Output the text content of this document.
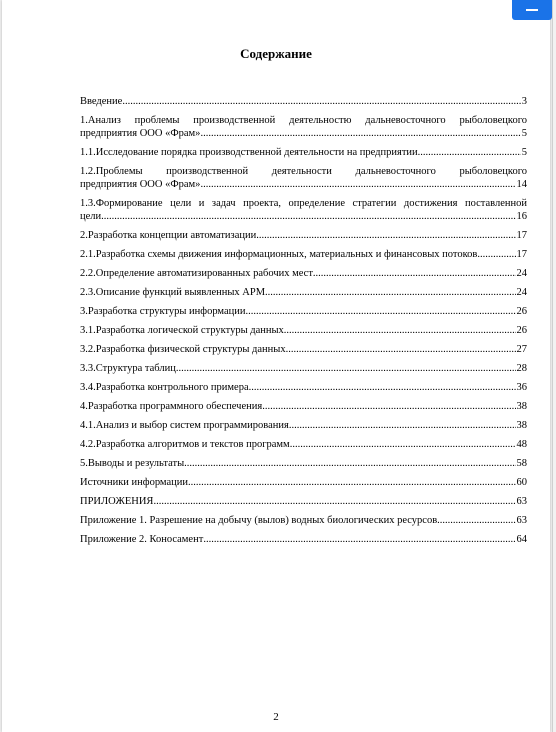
Содержание
Введение .....	3
1.Анализ проблемы производственной деятельностю дальневосточного рыболовецкого
предприятия ООО «Фрам» .....	5
1.1.Исследование порядка производственной деятельности на предприятии .....	5
1.2.Проблемы производственной деятельности дальневосточного рыболовецкого
предприятия ООО «Фрам» .....	14
1.3.Формирование цели и задач проекта, определение стратегии достижения поставленной
цели .....	16
2.Разработка концепции автоматизации .....	17
2.1.Разработка схемы движения информационных, материальных и финансовых потоков .....	17
2.2.Определение автоматизированных рабочих мест .....	24
2.3.Описание функций выявленных АРМ .....	24
3.Разработка структуры информации .....	26
3.1.Разработка логической структуры данных .....	26
3.2.Разработка физической структуры данных .....	27
3.3.Структура таблиц .....	28
3.4.Разработка контрольного примера .....	36
4.Разработка программного обеспечения .....	38
4.1.Анализ и выбор систем программирования .....	38
4.2.Разработка алгоритмов и текстов программ .....	48
5.Выводы и результаты .....	58
Источники информации .....	60
ПРИЛОЖЕНИЯ .....	63
Приложение 1. Разрешение на добычу (вылов) водных биологических ресурсов .....	63
Приложение 2. Коносамент .....	64
2
